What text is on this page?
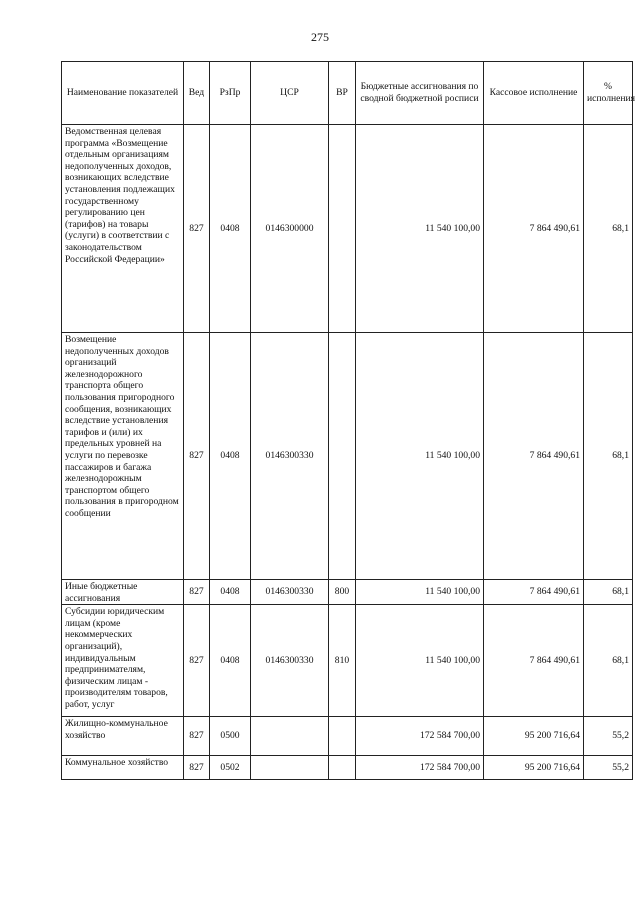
275
Наименование показателей	Вед	РзПр	ЦСР	ВР	Бюджетные ассигнования по сводной бюджетной росписи	Кассовое исполнение	% исполнения
Ведомственная целевая программа «Возмещение отдельным организациям недополученных доходов, возникающих вследствие установления подлежащих государственному регулированию цен (тарифов) на товары (услуги) в соответствии с законодательством Российской Федерации»	827	0408	0146300000		11 540 100,00	7 864 490,61	68,1
Возмещение недополученных доходов организаций железнодорожного транспорта общего пользования пригородного сообщения, возникающих вследствие установления тарифов и (или) их предельных уровней на услуги по перевозке пассажиров и багажа железнодорожным транспортом общего пользования в пригородном сообщении	827	0408	0146300330		11 540 100,00	7 864 490,61	68,1
Иные бюджетные ассигнования	827	0408	0146300330	800	11 540 100,00	7 864 490,61	68,1
Субсидии юридическим лицам (кроме некоммерческих организаций), индивидуальным предпринимателям, физическим лицам - производителям товаров, работ, услуг	827	0408	0146300330	810	11 540 100,00	7 864 490,61	68,1
Жилищно-коммунальное хозяйство	827	0500			172 584 700,00	95 200 716,64	55,2
Коммунальное хозяйство	827	0502			172 584 700,00	95 200 716,64	55,2
